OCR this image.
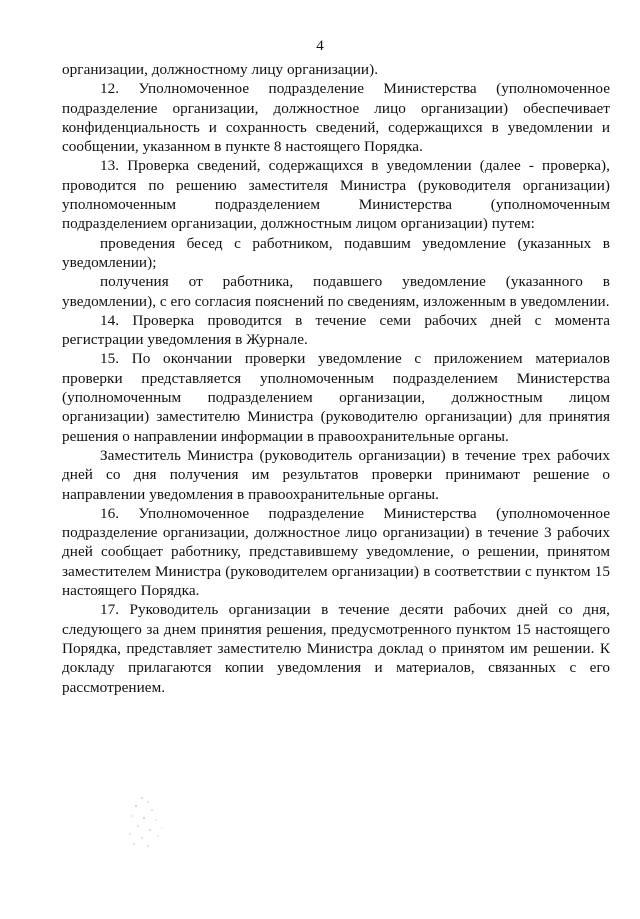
4

организации, должностному лицу организации).

12. Уполномоченное подразделение Министерства (уполномоченное подразделение организации, должностное лицо организации) обеспечивает конфиденциальность и сохранность сведений, содержащихся в уведомлении и сообщении, указанном в пункте 8 настоящего Порядка.

13. Проверка сведений, содержащихся в уведомлении (далее - проверка), проводится по решению заместителя Министра (руководителя организации) уполномоченным подразделением Министерства (уполномоченным подразделением организации, должностным лицом организации) путем:

проведения бесед с работником, подавшим уведомление (указанных в уведомлении);

получения от работника, подавшего уведомление (указанного в уведомлении), с его согласия пояснений по сведениям, изложенным в уведомлении.

14. Проверка проводится в течение семи рабочих дней с момента регистрации уведомления в Журнале.

15. По окончании проверки уведомление с приложением материалов проверки представляется уполномоченным подразделением Министерства (уполномоченным подразделением организации, должностным лицом организации) заместителю Министра (руководителю организации) для принятия решения о направлении информации в правоохранительные органы.

Заместитель Министра (руководитель организации) в течение трех рабочих дней со дня получения им результатов проверки принимают решение о направлении уведомления в правоохранительные органы.

16. Уполномоченное подразделение Министерства (уполномоченное подразделение организации, должностное лицо организации) в течение 3 рабочих дней сообщает работнику, представившему уведомление, о решении, принятом заместителем Министра (руководителем организации) в соответствии с пунктом 15 настоящего Порядка.

17. Руководитель организации в течение десяти рабочих дней со дня, следующего за днем принятия решения, предусмотренного пунктом 15 настоящего Порядка, представляет заместителю Министра доклад о принятом им решении. К докладу прилагаются копии уведомления и материалов, связанных с его рассмотрением.
